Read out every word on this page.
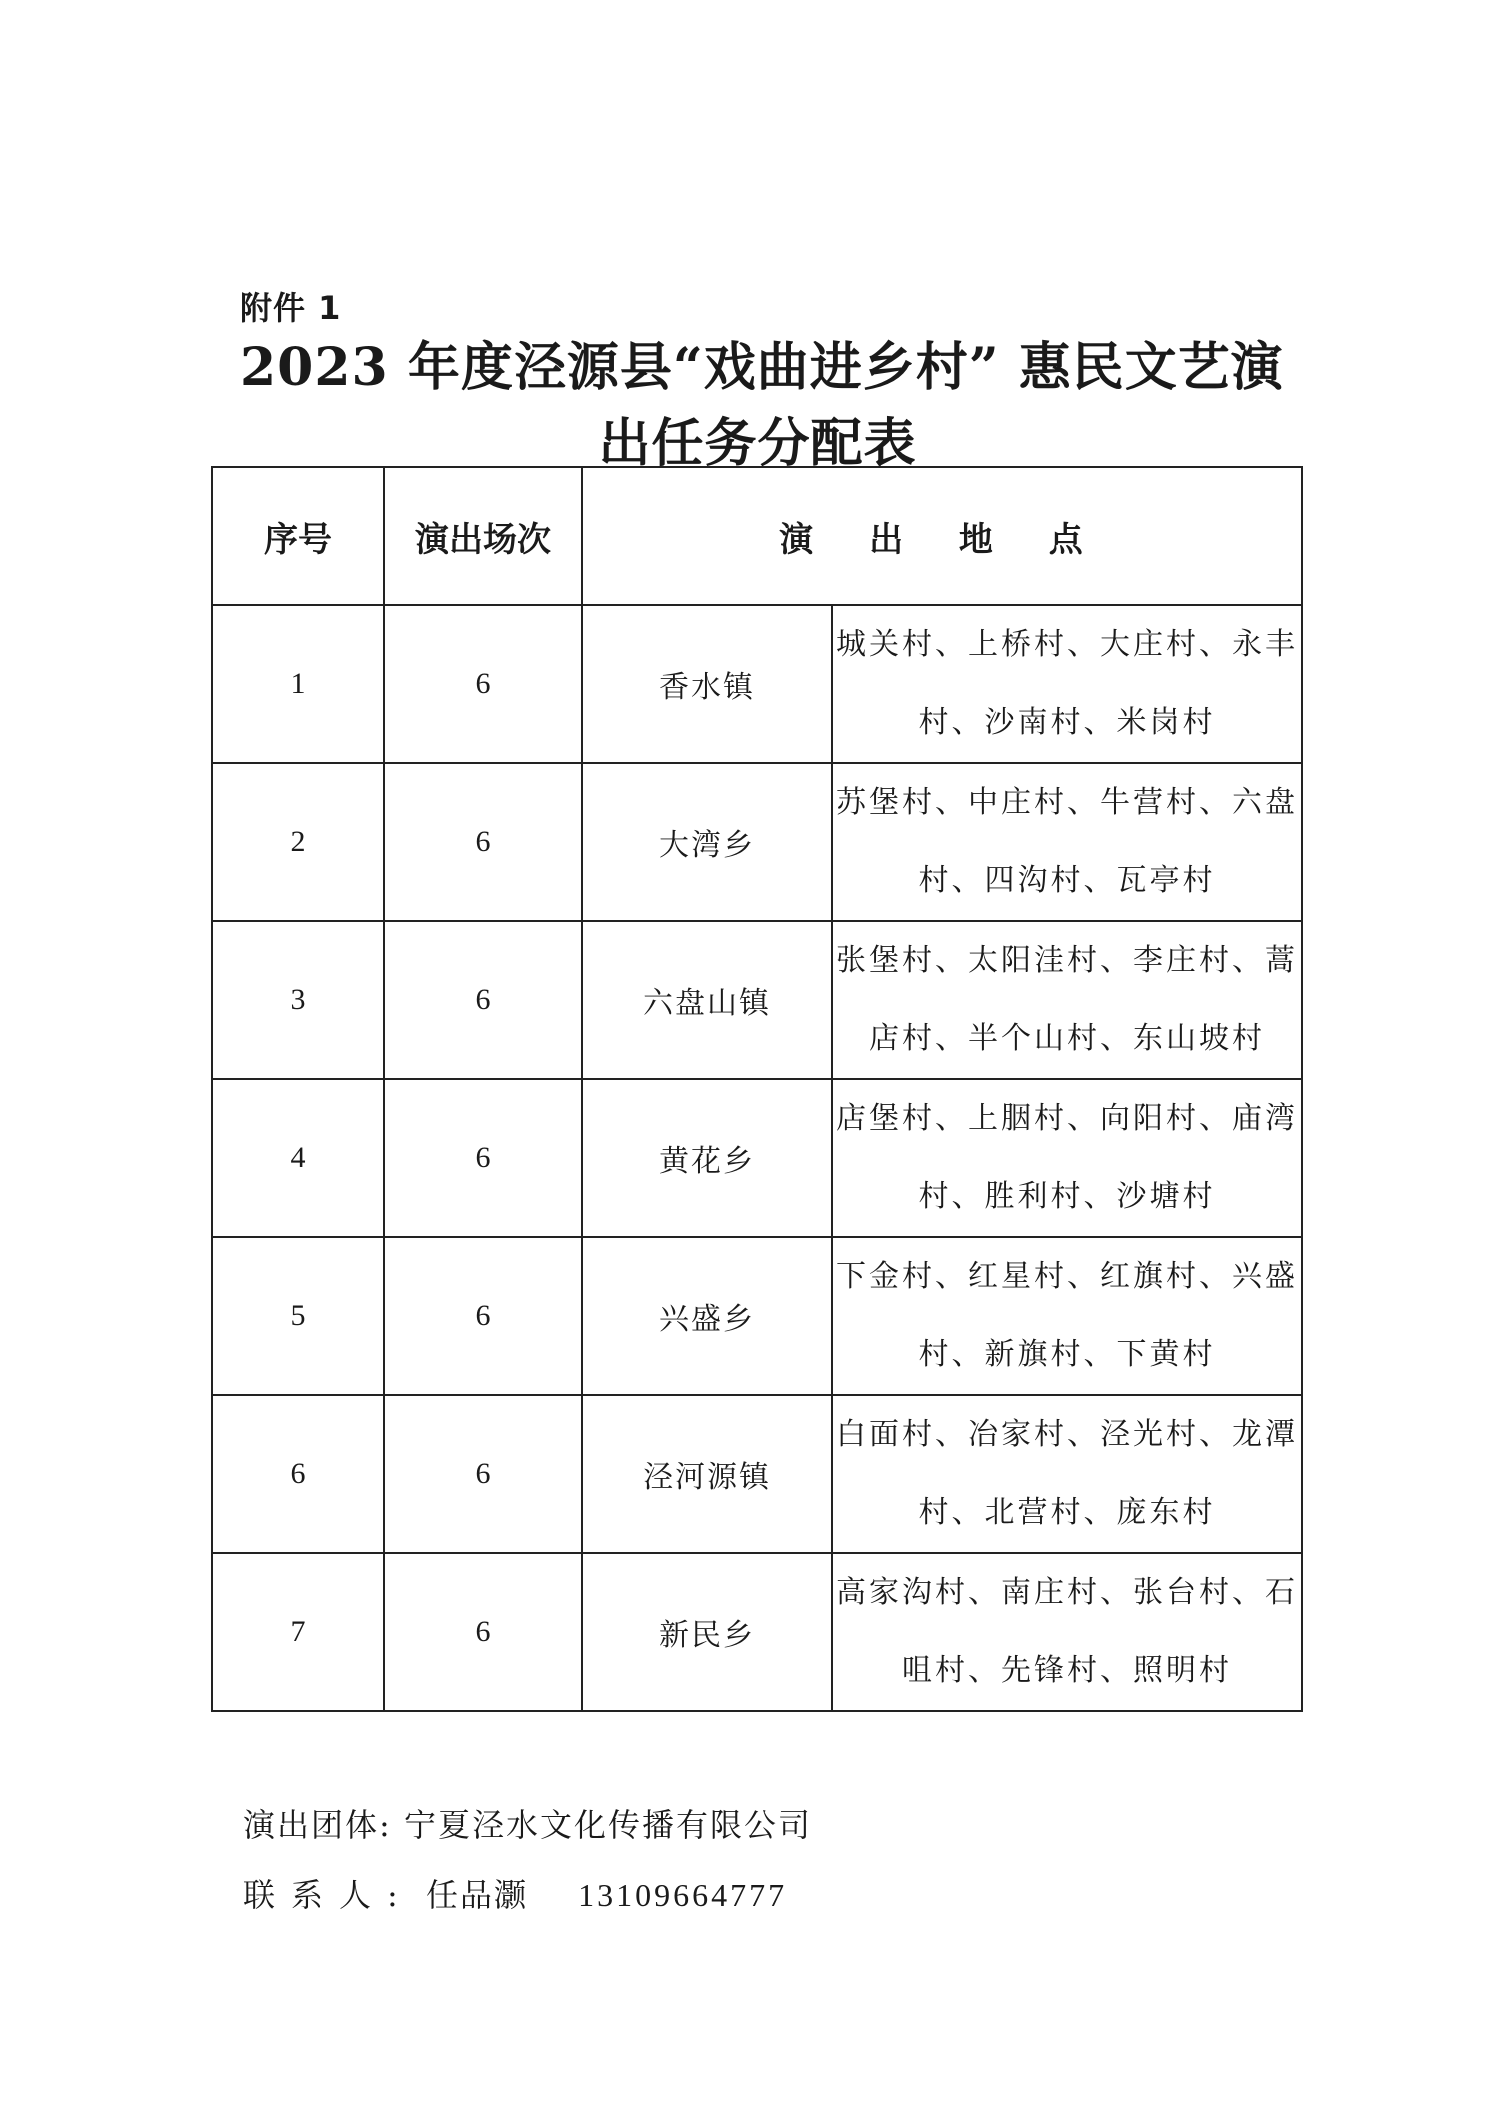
附件 1
2023 年度泾源县“戏曲进乡村” 惠民文艺演
出任务分配表
序号	演出场次	演 出 地 点	
1	6	香水镇	城关村、上桥村、大庄村、永丰村、沙南村、米岗村
2	6	大湾乡	苏堡村、中庄村、牛营村、六盘村、四沟村、瓦亭村
3	6	六盘山镇	张堡村、太阳洼村、李庄村、蒿店村、半个山村、东山坡村
4	6	黄花乡	店堡村、上胭村、向阳村、庙湾村、胜利村、沙塘村
5	6	兴盛乡	下金村、红星村、红旗村、兴盛村、新旗村、下黄村
6	6	泾河源镇	白面村、冶家村、泾光村、龙潭村、北营村、庞东村
7	6	新民乡	高家沟村、南庄村、张台村、石咀村、先锋村、照明村
演出团体: 宁夏泾水文化传播有限公司
联系人: 任品灏 13109664777
